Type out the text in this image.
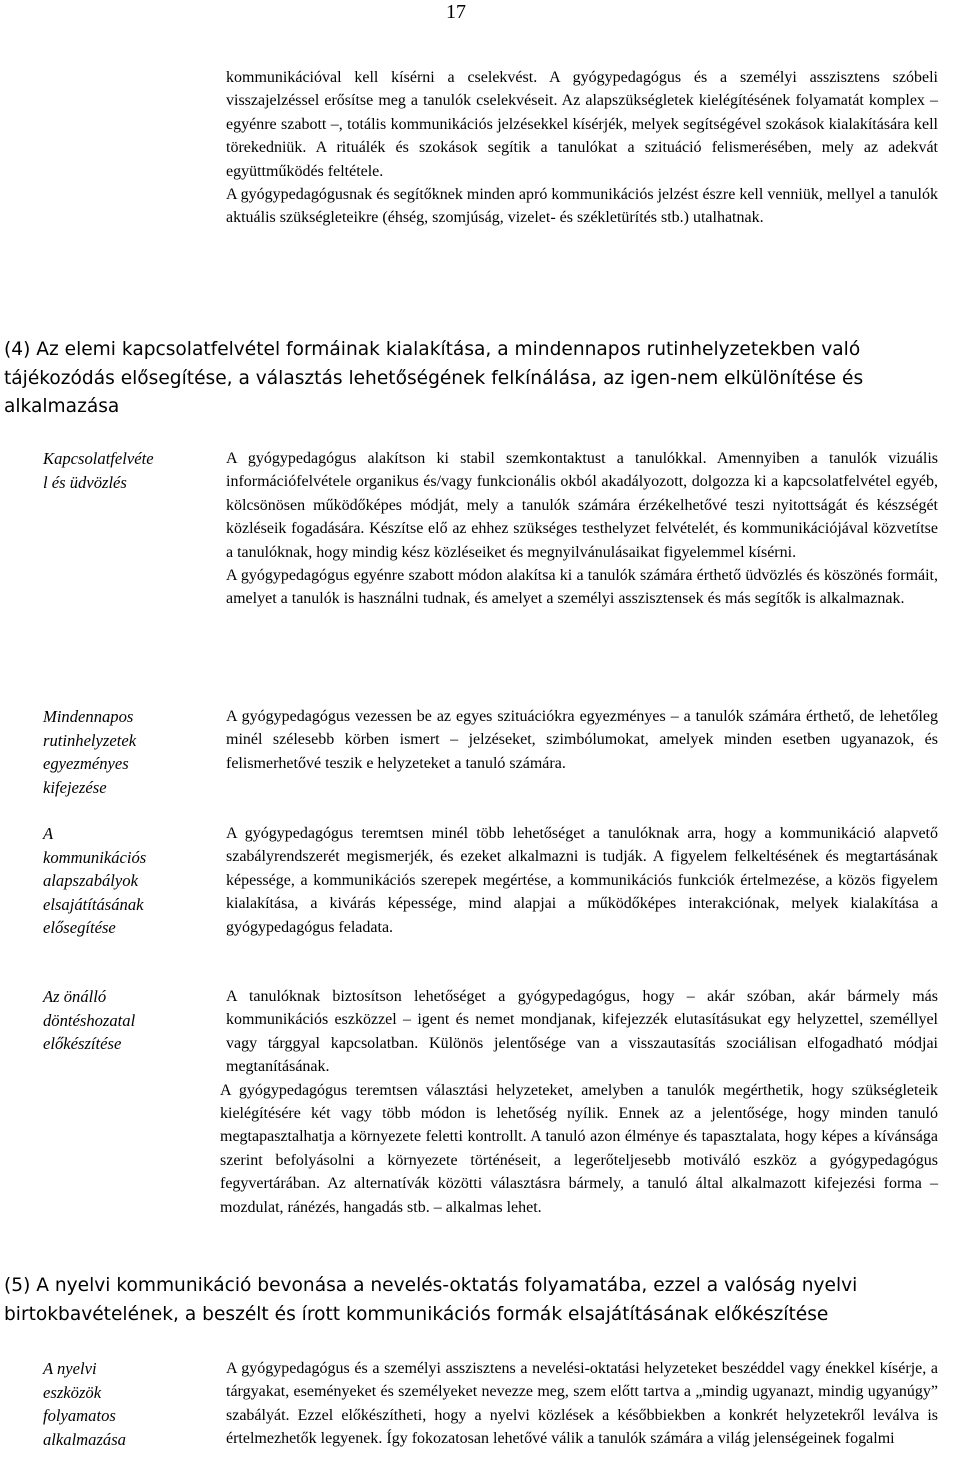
17

kommunikációval kell kísérni a cselekvést. A gyógypedagógus és a személyi asszisztens szóbeli visszajelzéssel erősítse meg a tanulók cselekvéseit. Az alapszükségletek kielégítésének folyamatát komplex – egyénre szabott –, totális kommunikációs jelzésekkel kísérjék, melyek segítségével szokások kialakítására kell törekedniük. A rituálék és szokások segítik a tanulókat a szituáció felismerésében, mely az adekvát együttműködés feltétele.

A gyógypedagógusnak és segítőknek minden apró kommunikációs jelzést észre kell venniük, mellyel a tanulók aktuális szükségleteikre (éhség, szomjúság, vizelet- és székletürítés stb.) utalhatnak.

(4) Az elemi kapcsolatfelvétel formáinak kialakítása, a mindennapos rutinhelyzetekben való tájékozódás elősegítése, a választás lehetőségének felkínálása, az igen-nem elkülönítése és alkalmazása
Kapcsolatfelvéte
l és üdvözlés

A gyógypedagógus alakítson ki stabil szemkontaktust a tanulókkal. Amennyiben a tanulók vizuális információfelvétele organikus és/vagy funkcionális okból akadályozott, dolgozza ki a kapcsolatfelvétel egyéb, kölcsönösen működőképes módját, mely a tanulók számára érzékelhetővé teszi nyitottságát és készségét közléseik fogadására. Készítse elő az ehhez szükséges testhelyzet felvételét, és kommunikációjával közvetítse a tanulóknak, hogy mindig kész közléseiket és megnyilvánulásaikat figyelemmel kísérni.

A gyógypedagógus egyénre szabott módon alakítsa ki a tanulók számára érthető üdvözlés és köszönés formáit, amelyet a tanulók is használni tudnak, és amelyet a személyi asszisztensek és más segítők is alkalmaznak.

Mindennapos
rutinhelyzetek
egyezményes
kifejezése

A gyógypedagógus vezessen be az egyes szituációkra egyezményes – a tanulók számára érthető, de lehetőleg minél szélesebb körben ismert – jelzéseket, szimbólumokat, amelyek minden esetben ugyanazok, és felismerhetővé teszik e helyzeteket a tanuló számára.

A
kommunikációs
alapszabályok
elsajátításának
elősegítése

A gyógypedagógus teremtsen minél több lehetőséget a tanulóknak arra, hogy a kommunikáció alapvető szabályrendszerét megismerjék, és ezeket alkalmazni is tudják. A figyelem felkeltésének és megtartásának képessége, a kommunikációs szerepek megértése, a kommunikációs funkciók értelmezése, a közös figyelem kialakítása, a kivárás képessége, mind alapjai a működőképes interakciónak, melyek kialakítása a gyógypedagógus feladata.

Az önálló
döntéshozatal
előkészítése

A tanulóknak biztosítson lehetőséget a gyógypedagógus, hogy – akár szóban, akár bármely más kommunikációs eszközzel – igent és nemet mondjanak, kifejezzék elutasításukat egy helyzettel, személlyel vagy tárggyal kapcsolatban. Különös jelentősége van a visszautasítás szociálisan elfogadható módjai megtanításának.

A gyógypedagógus teremtsen választási helyzeteket, amelyben a tanulók megérthetik, hogy szükségleteik kielégítésére két vagy több módon is lehetőség nyílik. Ennek az a jelentősége, hogy minden tanuló megtapasztalhatja a környezete feletti kontrollt. A tanuló azon élménye és tapasztalata, hogy képes a kívánsága szerint befolyásolni a környezete történéseit, a legerőteljesebb motiváló eszköz a gyógypedagógus fegyvertárában. Az alternatívák közötti választásra bármely, a tanuló által alkalmazott kifejezési forma – mozdulat, ránézés, hangadás stb. – alkalmas lehet.

(5) A nyelvi kommunikáció bevonása a nevelés-oktatás folyamatába, ezzel a valóság nyelvi birtokbavételének, a beszélt és írott kommunikációs formák elsajátításának előkészítése
A nyelvi
eszközök
folyamatos
alkalmazása

A gyógypedagógus és a személyi asszisztens a nevelési-oktatási helyzeteket beszéddel vagy énekkel kísérje, a tárgyakat, eseményeket és személyeket nevezze meg, szem előtt tartva a „mindig ugyanazt, mindig ugyanúgy” szabályát. Ezzel előkészítheti, hogy a nyelvi közlések a későbbiekben a konkrét helyzetekről leválva is értelmezhetők legyenek. Így fokozatosan lehetővé válik a tanulók számára a világ jelenségeinek fogalmi
